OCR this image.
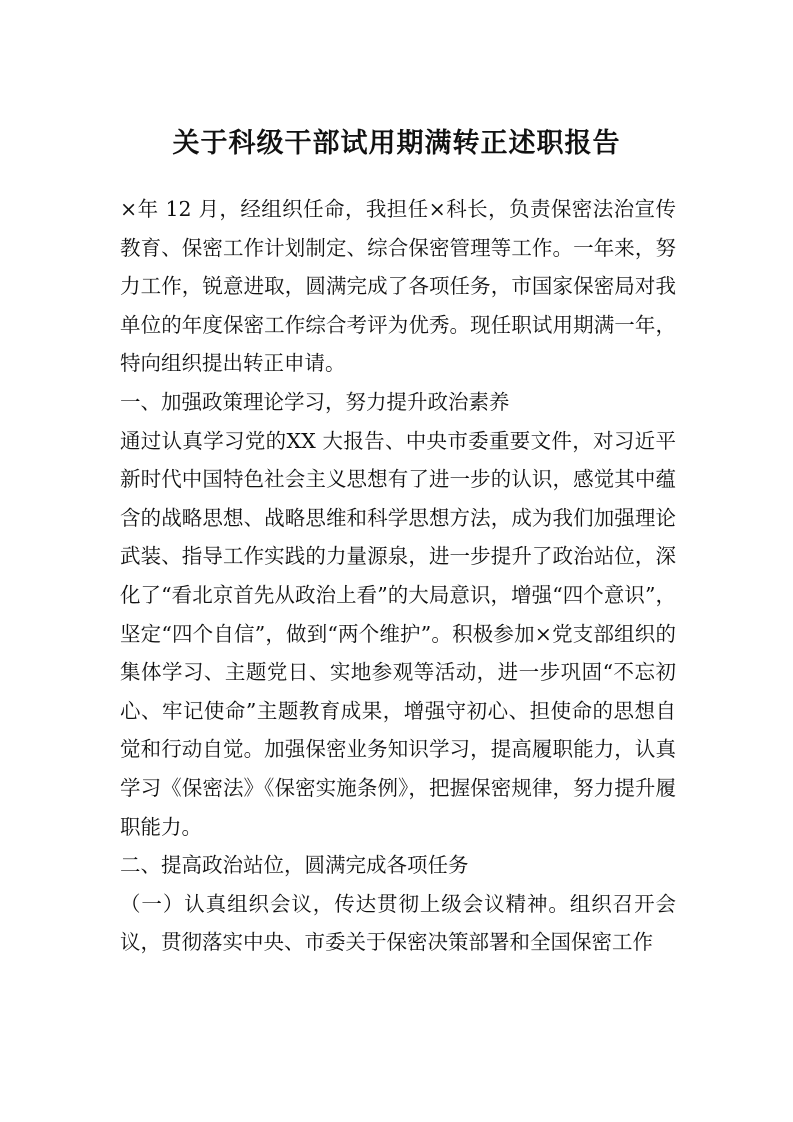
关于科级干部试用期满转正述职报告

×年 12 月，经组织任命，我担任×科长，负责保密法治宣传教育、保密工作计划制定、综合保密管理等工作。一年来，努力工作，锐意进取，圆满完成了各项任务，市国家保密局对我单位的年度保密工作综合考评为优秀。现任职试用期满一年，特向组织提出转正申请。

一、加强政策理论学习，努力提升政治素养

通过认真学习党的XX 大报告、中央市委重要文件，对习近平新时代中国特色社会主义思想有了进一步的认识，感觉其中蕴含的战略思想、战略思维和科学思想方法，成为我们加强理论武装、指导工作实践的力量源泉，进一步提升了政治站位，深化了“看北京首先从政治上看”的大局意识，增强“四个意识”，坚定“四个自信”，做到“两个维护”。积极参加×党支部组织的集体学习、主题党日、实地参观等活动，进一步巩固“不忘初心、牢记使命”主题教育成果，增强守初心、担使命的思想自觉和行动自觉。加强保密业务知识学习，提高履职能力，认真学习《保密法》《保密实施条例》，把握保密规律，努力提升履职能力。

二、提高政治站位，圆满完成各项任务

（一）认真组织会议，传达贯彻上级会议精神。组织召开会议，贯彻落实中央、市委关于保密决策部署和全国保密工作
